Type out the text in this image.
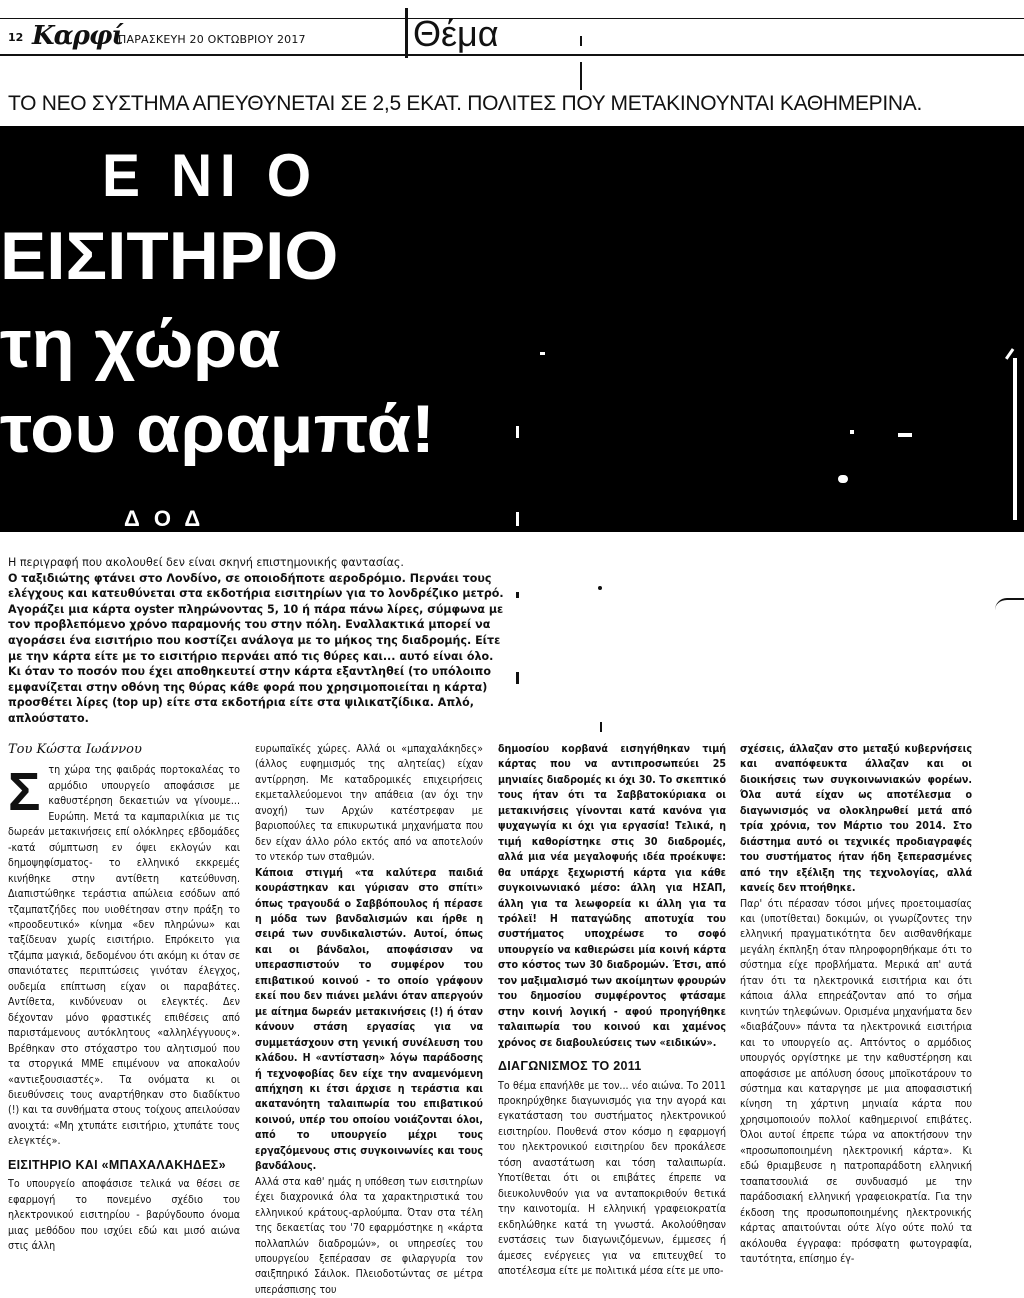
12 Καρφί
ΠΑΡΑΣΚΕΥΗ 20 ΟΚΤΩΒΡΙΟΥ 2017	Θέμα
ΤΟ ΝΕΟ ΣΥΣΤΗΜΑ ΑΠΕΥΘΥΝΕΤΑΙ ΣΕ 2,5 ΕΚΑΤ. ΠΟΛΙΤΕΣ ΠΟΥ ΜΕΤΑΚΙΝΟΥΝΤΑΙ ΚΑΘΗΜΕΡΙΝΑ.
Ε ΝΙ Ο
ΕΙΣΙΤΗΡΙΟ
τη χώρα
του αραμπά!
Δ Ο Δ

Η περιγραφή που ακολουθεί δεν είναι σκηνή επιστημονικής φαντασίας.

Ο ταξιδιώτης φτάνει στο Λονδίνο, σε οποιοδήποτε αεροδρόμιο. Περνάει τους ελέγχους και κατευθύνεται στα εκδοτήρια εισιτηρίων για το λονδρέζικο μετρό. Αγοράζει μια κάρτα oyster πληρώνοντας 5, 10 ή πάρα πάνω λίρες, σύμφωνα με τον προβλεπόμενο χρόνο παραμονής του στην πόλη. Εναλλακτικά μπορεί να αγοράσει ένα εισιτήριο που κοστίζει ανάλογα με το μήκος της διαδρομής. Είτε με την κάρτα είτε με το εισιτήριο περνάει από τις θύρες και... αυτό είναι όλο. Κι όταν το ποσόν που έχει αποθηκευτεί στην κάρτα εξαντληθεί (το υπόλοιπο εμφανίζεται στην οθόνη της θύρας κάθε φορά που χρησιμοποιείται η κάρτα) προσθέτει λίρες (top up) είτε στα εκδοτήρια είτε στα ψιλικατζίδικα. Απλό, απλούστατο.

Του Κώστα Ιωάννου

Σ τη χώρα της φαιδράς πορτοκαλέας το αρμόδιο υπουργείο αποφάσισε με καθυστέρηση δεκαετιών να γίνουμε... Ευρώπη. Μετά τα καμπαριλίκια με τις δωρεάν μετακινήσεις επί ολόκληρες εβδομάδες -κατά σύμπτωση εν όψει εκλογών και δημοψηφίσματος- το ελληνικό εκκρεμές κινήθηκε στην αντίθετη κατεύθυνση. Διαπιστώθηκε τεράστια απώλεια εσόδων από τζαμπατζήδες που υιοθέτησαν στην πράξη το «προοδευτικό» κίνημα «δεν πληρώνω» και ταξίδευαν χωρίς εισιτήριο. Επρόκειτο για τζάμπα μαγκιά, δεδομένου ότι ακόμη κι όταν σε σπανιότατες περιπτώσεις γινόταν έλεγχος, ουδεμία επίπτωση είχαν οι παραβάτες. Αντίθετα, κινδύνευαν οι ελεγκτές. Δεν δέχονταν μόνο φραστικές επιθέσεις από παριστάμενους αυτόκλητους «αλληλέγγυους». Βρέθηκαν στο στόχαστρο του αλητισμού που τα στοργικά ΜΜΕ επιμένουν να αποκαλούν «αντιεξουσιαστές». Τα ονόματα κι οι διευθύνσεις τους αναρτήθηκαν στο διαδίκτυο (!) και τα συνθήματα στους τοίχους απειλούσαν ανοιχτά: «Μη χτυπάτε εισιτήριο, χτυπάτε τους ελεγκτές».

ΕΙΣΙΤΗΡΙΟ ΚΑΙ «ΜΠΑΧΑΛΑΚΗΔΕΣ»

Το υπουργείο αποφάσισε τελικά να θέσει σε εφαρμογή το πονεμένο σχέδιο του ηλεκτρονικού εισιτηρίου - βαρύγδουπο όνομα μιας μεθόδου που ισχύει εδώ και μισό αιώνα στις άλλη

ευρωπαϊκές χώρες. Αλλά οι «μπαχαλάκηδες» (άλλος ευφημισμός της αλητείας) είχαν αντίρρηση. Με καταδρομικές επιχειρήσεις εκμεταλλεύομενοι την απάθεια (αν όχι την ανοχή) των Αρχών κατέστρεφαν με βαριοπούλες τα επικυρωτικά μηχανήματα που δεν είχαν άλλο ρόλο εκτός από να αποτελούν το ντεκόρ των σταθμών.

Κάποια στιγμή «τα καλύτερα παιδιά κουράστηκαν και γύρισαν στο σπίτι» όπως τραγουδά ο Σαββόπουλος ή πέρασε η μόδα των βανδαλισμών και ήρθε η σειρά των συνδικαλιστών. Αυτοί, όπως και οι βάνδαλοι, αποφάσισαν να υπερασπιστούν το συμφέρον του επιβατικού κοινού - το οποίο γράφουν εκεί που δεν πιάνει μελάνι όταν απεργούν με αίτημα δωρεάν μετακινήσεις (!) ή όταν κάνουν στάση εργασίας για να συμμετάσχουν στη γενική συνέλευση του κλάδου. Η «αντίσταση» λόγω παράδοσης ή τεχνοφοβίας δεν είχε την αναμενόμενη απήχηση κι έτσι άρχισε η τεράστια και ακατανόητη ταλαιπωρία του επιβατικού κοινού, υπέρ του οποίου νοιάζονται όλοι, από το υπουργείο μέχρι τους εργαζόμενους στις συγκοινωνίες και τους βανδάλους.

Αλλά στα καθ' ημάς η υπόθεση των εισιτηρίων έχει διαχρονικά όλα τα χαρακτηριστικά του ελληνικού κράτους-αρλούμπα. Όταν στα τέλη της δεκαετίας του '70 εφαρμόστηκε η «κάρτα πολλαπλών διαδρομών», οι υπηρεσίες του υπουργείου ξεπέρασαν σε φιλαργυρία τον σαιξπηρικό Σάιλοκ. Πλειοδοτώντας σε μέτρα υπεράσπισης του

δημοσίου κορβανά εισηγήθηκαν τιμή κάρτας που να αντιπροσωπεύει 25 μηνιαίες διαδρομές κι όχι 30. Το σκεπτικό τους ήταν ότι τα Σαββατοκύριακα οι μετακινήσεις γίνονται κατά κανόνα για ψυχαγωγία κι όχι για εργασία! Τελικά, η τιμή καθορίστηκε στις 30 διαδρομές, αλλά μια νέα μεγαλοφυής ιδέα προέκυψε: θα υπάρχε ξεχωριστή κάρτα για κάθε συγκοινωνιακό μέσο: άλλη για ΗΣΑΠ, άλλη για τα λεωφορεία κι άλλη για τα τρόλεϊ! Η παταγώδης αποτυχία του συστήματος υποχρέωσε το σοφό υπουργείο να καθιερώσει μία κοινή κάρτα στο κόστος των 30 διαδρομών. Έτσι, από τον μαξιμαλισμό των ακοίμητων φρουρών του δημοσίου συμφέροντος φτάσαμε στην κοινή λογική - αφού προηγήθηκε ταλαιπωρία του κοινού και χαμένος χρόνος σε διαβουλεύσεις των «ειδικών».

ΔΙΑΓΩΝΙΣΜΟΣ ΤΟ 2011

Το θέμα επανήλθε με τον... νέο αιώνα. Το 2011 προκηρύχθηκε διαγωνισμός για την αγορά και εγκατάσταση του συστήματος ηλεκτρονικού εισιτηρίου. Πουθενά στον κόσμο η εφαρμογή του ηλεκτρονικού εισιτηρίου δεν προκάλεσε τόση αναστάτωση και τόση ταλαιπωρία. Υποτίθεται ότι οι επιβάτες έπρεπε να διευκολυνθούν για να ανταποκριθούν θετικά την καινοτομία. Η ελληνική γραφειοκρατία εκδηλώθηκε κατά τη γνωστά. Ακολούθησαν ενστάσεις των διαγωνιζόμενων, έμμεσες ή άμεσες ενέργειες για να επιτευχθεί το αποτέλεσμα είτε με πολιτικά μέσα είτε με υπο-

σχέσεις, άλλαζαν στο μεταξύ κυβερνήσεις και αναπόφευκτα άλλαζαν και οι διοικήσεις των συγκοινωνιακών φορέων. Όλα αυτά είχαν ως αποτέλεσμα ο διαγωνισμός να ολοκληρωθεί μετά από τρία χρόνια, τον Μάρτιο του 2014. Στο διάστημα αυτό οι τεχνικές προδιαγραφές του συστήματος ήταν ήδη ξεπερασμένες από την εξέλιξη της τεχνολογίας, αλλά κανείς δεν πτοήθηκε.

Παρ' ότι πέρασαν τόσοι μήνες προετοιμασίας και (υποτίθεται) δοκιμών, οι γνωρίζοντες την ελληνική πραγματικότητα δεν αισθανθήκαμε μεγάλη έκπληξη όταν πληροφορηθήκαμε ότι το σύστημα είχε προβλήματα. Μερικά απ' αυτά ήταν ότι τα ηλεκτρονικά εισιτήρια και ότι κάποια άλλα επηρεάζονταν από το σήμα κινητών τηλεφώνων. Ορισμένα μηχανήματα δεν «διαβάζουν» πάντα τα ηλεκτρονικά εισιτήρια και το υπουργείο ας. Απτόντος ο αρμόδιος υπουργός οργίστηκε με την καθυστέρηση και αποφάσισε με απόλυση όσους μποϊκοτάρουν το σύστημα και καταργησε με μια αποφασιστική κίνηση τη χάρτινη μηνιαία κάρτα που χρησιμοποιούν πολλοί καθημερινοί επιβάτες. Όλοι αυτοί έπρεπε τώρα να αποκτήσουν την «προσωποποιημένη ηλεκτρονική κάρτα». Κι εδώ θριαμβευσε η πατροπαράδοτη ελληνική τσαπατσουλιά σε συνδυασμό με την παράδοσιακή ελληνική γραφειοκρατία. Για την έκδοση της προσωποποιημένης ηλεκτρονικής κάρτας απαιτούνται ούτε λίγο ούτε πολύ τα ακόλουθα έγγραφα: πρόσφατη φωτογραφία, ταυτότητα, επίσημο έγ-
